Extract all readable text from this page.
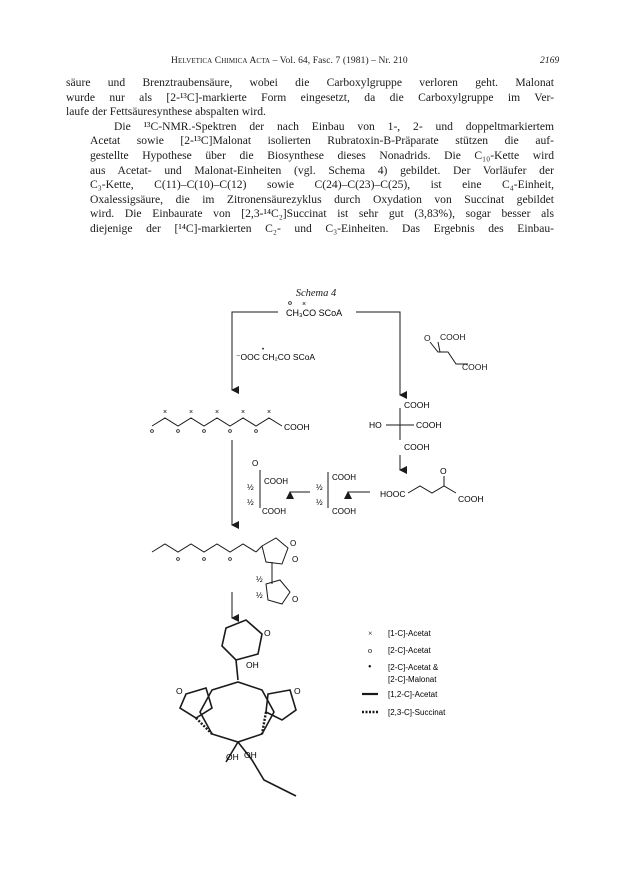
Helvetica Chimica Acta – Vol. 64, Fasc. 7 (1981) – Nr. 210	2169

säure und Brenztraubensäure, wobei die Carboxylgruppe verloren geht. Malonat
wurde nur als [2-¹³C]-markierte Form eingesetzt, da die Carboxylgruppe im Ver-
laufe der Fettsäuresynthese abspalten wird.

Die ¹³C-NMR.-Spektren der nach Einbau von 1-, 2- und doppeltmarkiertem
Acetat sowie [2-¹³C]Malonat isolierten Rubratoxin-B-Präparate stützen die auf-
gestellte Hypothese über die Biosynthese dieses Nonadrids. Die C₁₀-Kette wird
aus Acetat- und Malonat-Einheiten (vgl. Schema 4) gebildet. Der Vorläufer der
C₃-Kette, C(11)–C(10)–C(12) sowie C(24)–C(23)–C(25), ist eine C₄-Einheit,
Oxalessigsäure, die im Zitronensäurezyklus durch Oxydation von Succinat gebildet
wird. Die Einbaurate von [2,3-¹⁴C₂]Succinat ist sehr gut (3,83%), sogar besser als
diejenige der [¹⁴C]-markierten C₂- und C₃-Einheiten. Das Ergebnis des Einbau-

Schema 4
CH₃CO SCoA
×
⁻OOC CH₂CO SCoA
•
O COOH
COOH
COOH
×	×	×	×	×
COOH
HO	COOH
COOH
HOOC
O
COOH
COOH
COOH
½
½
O
COOH
COOH
½
½
O
O
O
½
½
O
OH
O	O
OH OH
× [1-C]-Acetat
o [2-C]-Acetat
• [2-C]-Acetat &
[2-C]-Malonat
[1,2-C]-Acetat
[2,3-C]-Succinat
